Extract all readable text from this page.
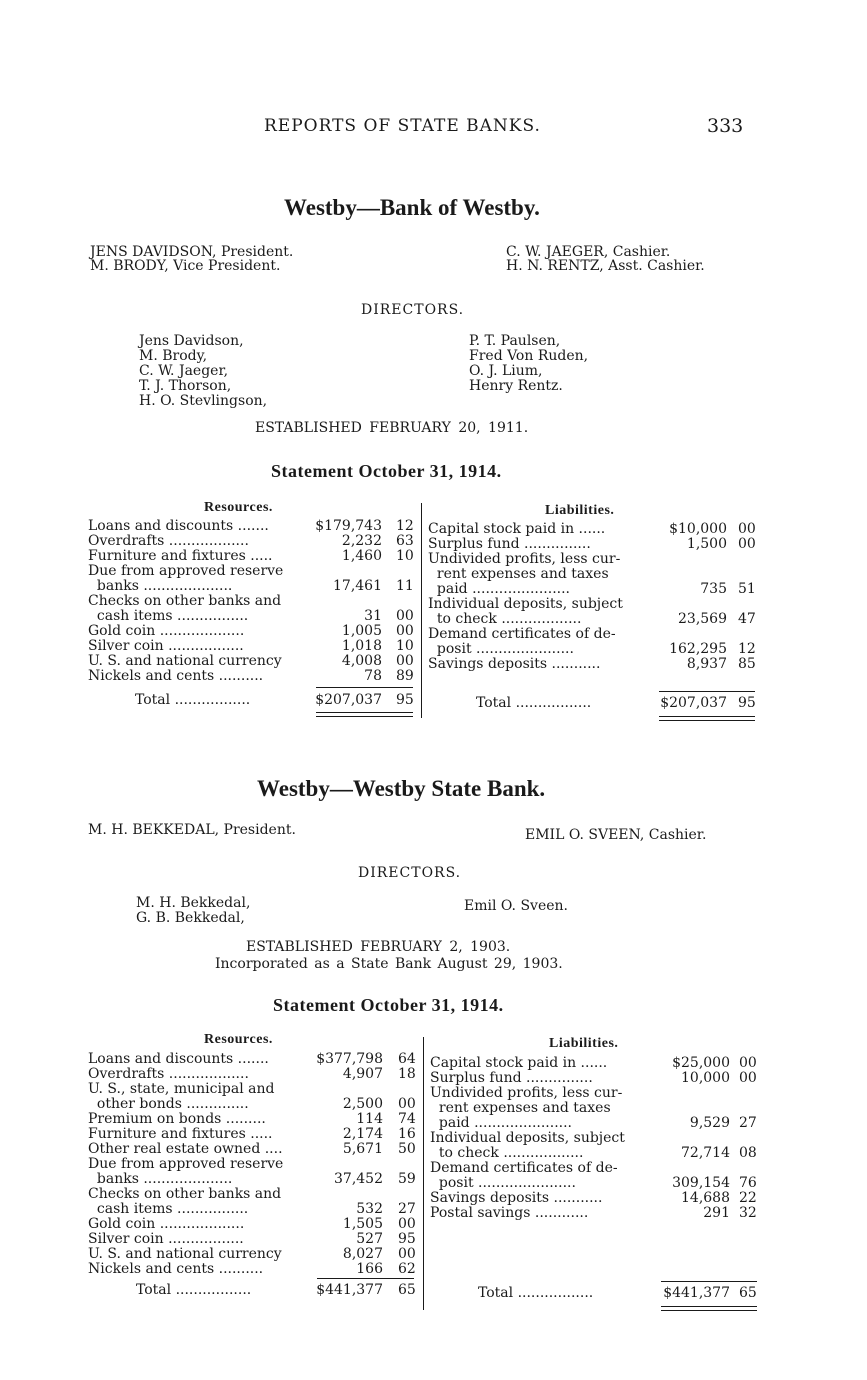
REPORTS OF STATE BANKS.	333
Westby—Bank of Westby.
JENS DAVIDSON, President.
M. BRODY, Vice President.
C. W. JAEGER, Cashier.
H. N. RENTZ, Asst. Cashier.
DIRECTORS.
Jens Davidson,
M. Brody,
C. W. Jaeger,
T. J. Thorson,
H. O. Stevlingson,
P. T. Paulsen,
Fred Von Ruden,
O. J. Lium,
Henry Rentz.
ESTABLISHED FEBRUARY 20, 1911.
Statement October 31, 1914.
Resources.	Liabilities.
Loans and discounts .......	$179,743 12
Overdrafts ..................	2,232 63
Furniture and fixtures .....	1,460 10
Due from approved reserve
banks ....................	17,461 11
Checks on other banks and
cash items ................	31 00
Gold coin ...................	1,005 00
Silver coin .................	1,018 10
U. S. and national currency	4,008 00
Nickels and cents ..........	78 89
Total .................	$207,037 95
Capital stock paid in ......	$10,000 00
Surplus fund ...............	1,500 00
Undivided profits, less cur-
rent expenses and taxes
paid ......................	735 51
Individual deposits, subject
to check ..................	23,569 47
Demand certificates of de-
posit ......................	162,295 12
Savings deposits ...........	8,937 85
Total .................	$207,037 95
Westby—Westby State Bank.
M. H. BEKKEDAL, President.	EMIL O. SVEEN, Cashier.
DIRECTORS.
M. H. Bekkedal,
G. B. Bekkedal,
Emil O. Sveen.
ESTABLISHED FEBRUARY 2, 1903.
Incorporated as a State Bank August 29, 1903.
Statement October 31, 1914.
Resources.	Liabilities.
Loans and discounts .......	$377,798 64
Overdrafts ..................	4,907 18
U. S., state, municipal and
other bonds ..............	2,500 00
Premium on bonds .........	114 74
Furniture and fixtures .....	2,174 16
Other real estate owned ....	5,671 50
Due from approved reserve
banks ....................	37,452 59
Checks on other banks and
cash items ................	532 27
Gold coin ...................	1,505 00
Silver coin .................	527 95
U. S. and national currency	8,027 00
Nickels and cents ..........	166 62
Total .................	$441,377 65
Capital stock paid in ......	$25,000 00
Surplus fund ...............	10,000 00
Undivided profits, less cur-
rent expenses and taxes
paid ......................	9,529 27
Individual deposits, subject
to check ..................	72,714 08
Demand certificates of de-
posit ......................	309,154 76
Savings deposits ...........	14,688 22
Postal savings ............	291 32
Total .................	$441,377 65
